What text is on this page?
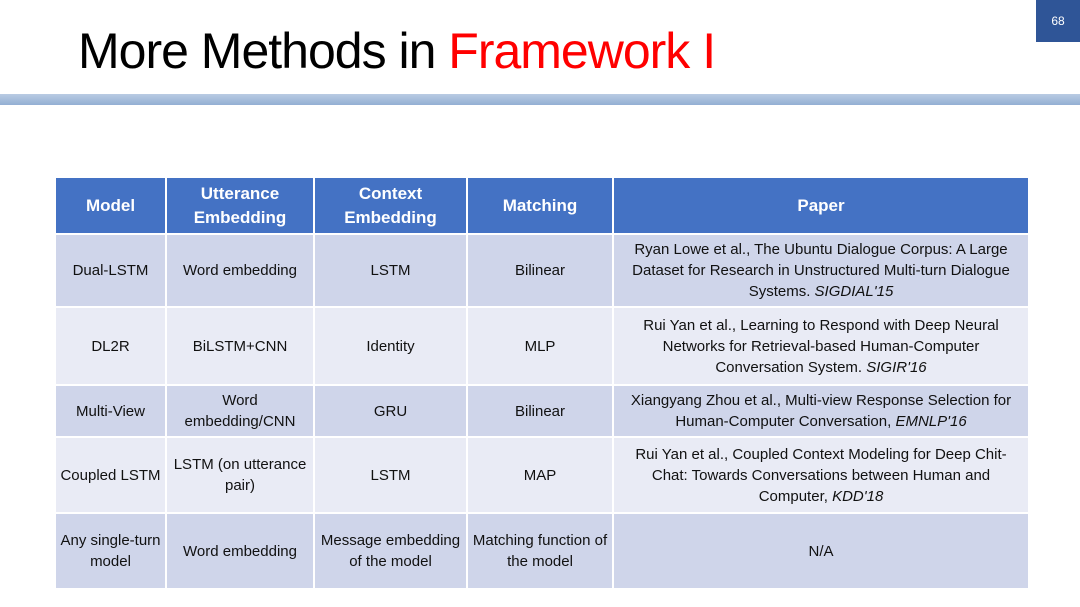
More Methods in Framework I
68
Model	Utterance Embedding	Context Embedding	Matching	Paper
Dual-LSTM	Word embedding	LSTM	Bilinear	Ryan Lowe et al., The Ubuntu Dialogue Corpus: A Large Dataset for Research in Unstructured Multi-turn Dialogue Systems. SIGDIAL'15
DL2R	BiLSTM+CNN	Identity	MLP	Rui Yan et al., Learning to Respond with Deep Neural Networks for Retrieval-based Human-Computer Conversation System. SIGIR'16
Multi-View	Word embedding/CNN	GRU	Bilinear	Xiangyang Zhou et al., Multi-view Response Selection for Human-Computer Conversation, EMNLP'16
Coupled LSTM	LSTM (on utterance pair)	LSTM	MAP	Rui Yan et al., Coupled Context Modeling for Deep Chit-Chat: Towards Conversations between Human and Computer, KDD'18
Any single-turn model	Word embedding	Message embedding of the model	Matching function of the model	N/A
